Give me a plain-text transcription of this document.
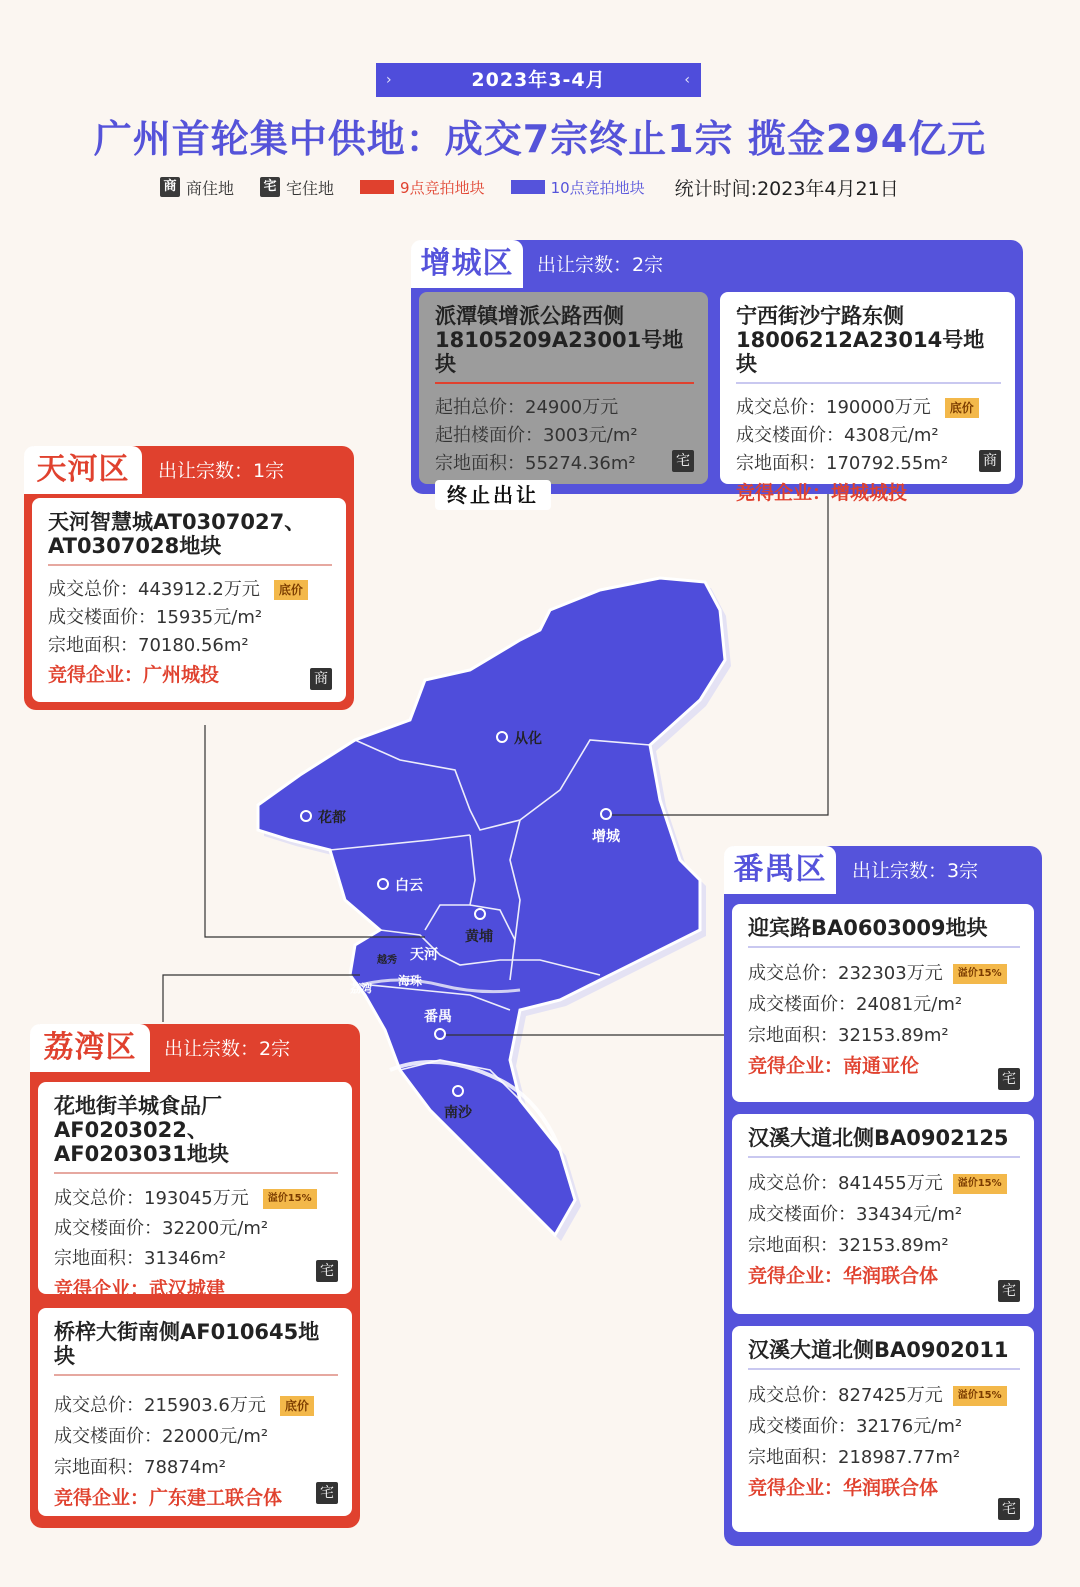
›	2023年3-4月	‹
广州首轮集中供地：成交7宗终止1宗 揽金294亿元
商 商住地 宅 宅住地	9点竞拍地块	10点竞拍地块 统计时间:2023年4月21日
从化
花都
增城
白云
黄埔
天河
越秀
海珠
荔湾
番禺
南沙
增城区	出让宗数：2宗
派潭镇增派公路西侧18105209A23001号地块
起拍总价：24900万元
起拍楼面价：3003元/m²
宗地面积：55274.36m²
终止出让
宅
宁西街沙宁路东侧18006212A23014号地块
成交总价：190000万元 底价
成交楼面价：4308元/m²
宗地面积：170792.55m²
竞得企业：增城城投
商
天河区	出让宗数：1宗
天河智慧城AT0307027、AT0307028地块
成交总价：443912.2万元 底价
成交楼面价：15935元/m²
宗地面积：70180.56m²
竞得企业：广州城投	商
番禺区	出让宗数：3宗
迎宾路BA0603009地块
成交总价：232303万元 溢价15%
成交楼面价：24081元/m²
宗地面积：32153.89m²
竞得企业：南通亚伦
宅
汉溪大道北侧BA0902125
成交总价：841455万元 溢价15%
成交楼面价：33434元/m²
宗地面积：32153.89m²
竞得企业：华润联合体
宅
汉溪大道北侧BA0902011
成交总价：827425万元 溢价15%
成交楼面价：32176元/m²
宗地面积：218987.77m²
竞得企业：华润联合体
宅
荔湾区	出让宗数：2宗
花地街羊城食品厂AF0203022、AF0203031地块
成交总价：193045万元 溢价15%
成交楼面价：32200元/m²
宗地面积：31346m²
竞得企业：武汉城建
宅
桥梓大街南侧AF010645地块
成交总价：215903.6万元 底价
成交楼面价：22000元/m²
宗地面积：78874m²
竞得企业：广东建工联合体	宅
